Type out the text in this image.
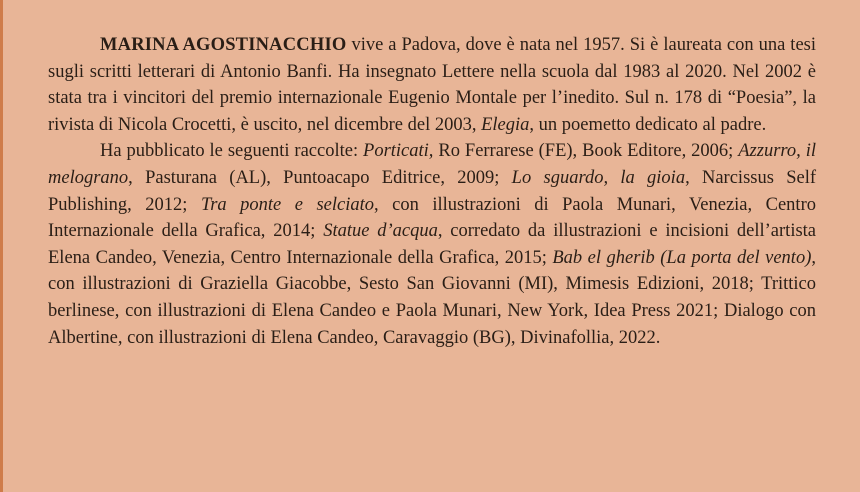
MARINA AGOSTINACCHIO vive a Padova, dove è nata nel 1957. Si è laureata con una tesi sugli scritti letterari di Antonio Banfi. Ha insegnato Lettere nella scuola dal 1983 al 2020. Nel 2002 è stata tra i vincitori del premio internazionale Eugenio Montale per l’inedito. Sul n. 178 di “Poesia”, la rivista di Nicola Crocetti, è uscito, nel dicembre del 2003, Elegia, un poemetto dedicato al padre.

Ha pubblicato le seguenti raccolte: Porticati, Ro Ferrarese (FE), Book Editore, 2006; Azzurro, il melograno, Pasturana (AL), Puntoacapo Editrice, 2009; Lo sguardo, la gioia, Narcissus Self Publishing, 2012; Tra ponte e selciato, con illustrazioni di Paola Munari, Venezia, Centro Internazionale della Grafica, 2014; Statue d’acqua, corredato da illustrazioni e incisioni dell’artista Elena Candeo, Venezia, Centro Internazionale della Grafica, 2015; Bab el gherib (La porta del vento), con illustrazioni di Graziella Giacobbe, Sesto San Giovanni (MI), Mimesis Edizioni, 2018; Trittico berlinese, con illustrazioni di Elena Candeo e Paola Munari, New York, Idea Press 2021; Dialogo con Albertine, con illustrazioni di Elena Candeo, Caravaggio (BG), Divinafollia, 2022.
